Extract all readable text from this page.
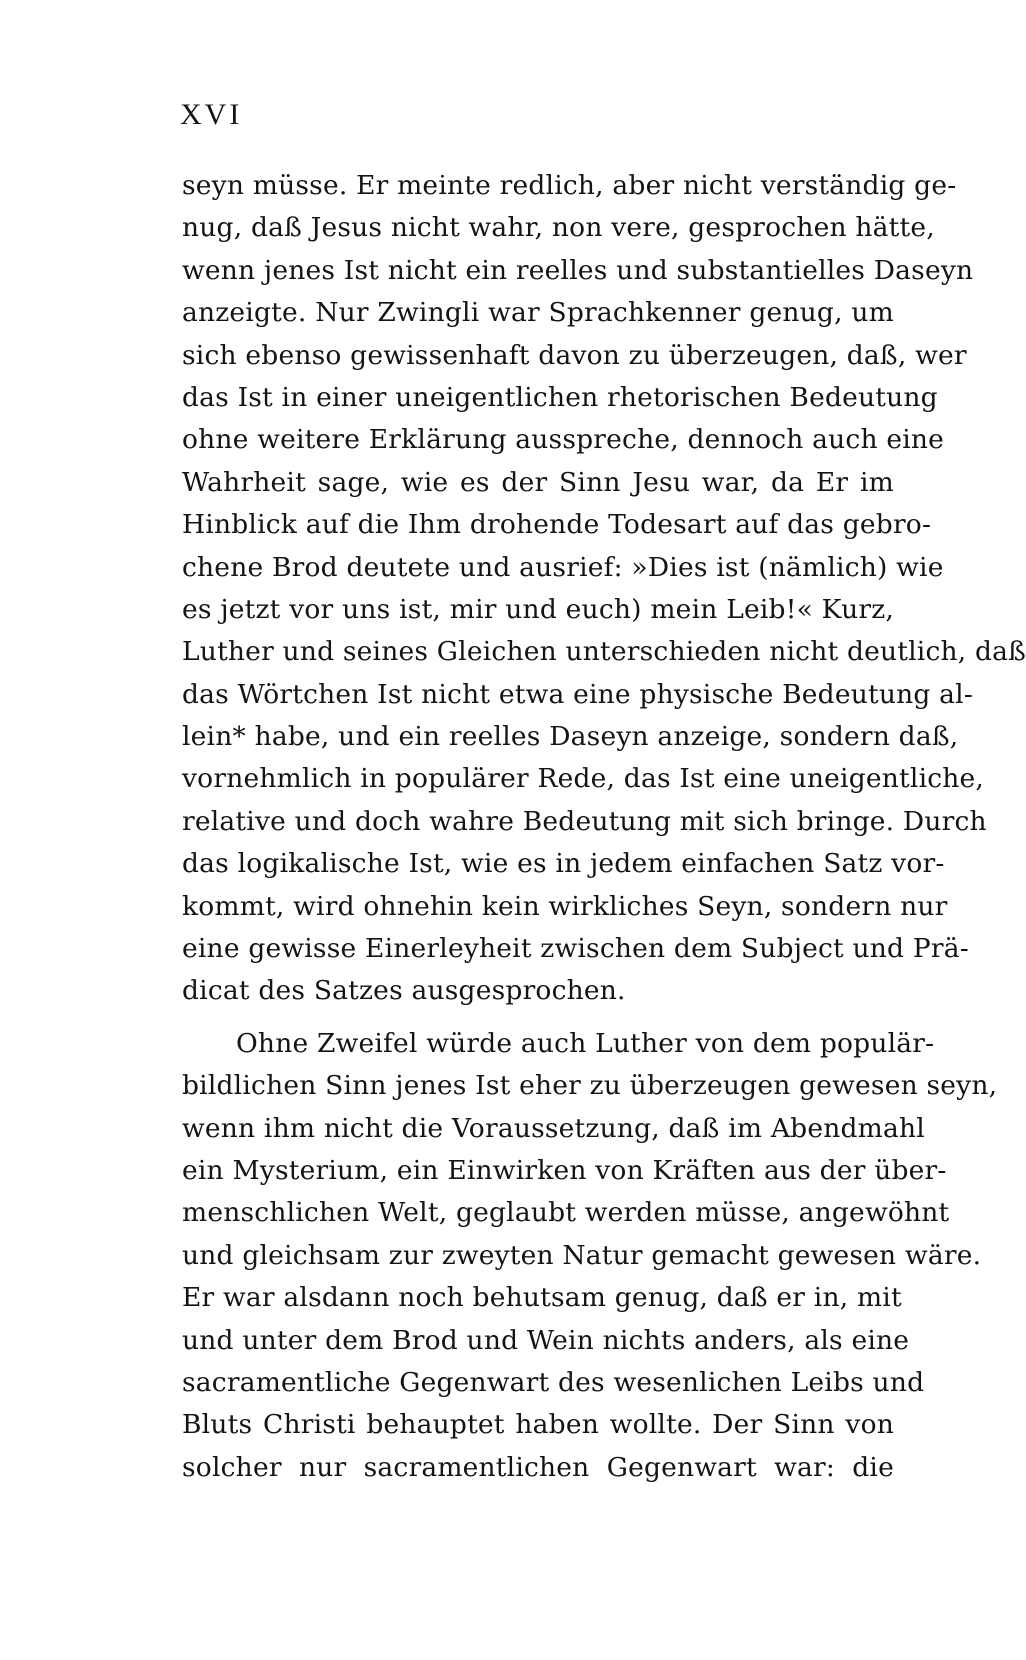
XVI
seyn müsse. Er meinte redlich, aber nicht verständig ge-
nug, daß Jesus nicht wahr, non vere, gesprochen hätte,
wenn jenes Ist nicht ein reelles und substantielles Daseyn
anzeigte. Nur Zwingli war Sprachkenner genug, um
sich ebenso gewissenhaft davon zu überzeugen, daß, wer
das Ist in einer uneigentlichen rhetorischen Bedeutung
ohne weitere Erklärung ausspreche, dennoch auch eine
Wahrheit sage, wie es der Sinn Jesu war, da Er im
Hinblick auf die Ihm drohende Todesart auf das gebro-
chene Brod deutete und ausrief: »Dies ist (nämlich) wie
es jetzt vor uns ist, mir und euch) mein Leib!« Kurz,
Luther und seines Gleichen unterschieden nicht deutlich, daß
das Wörtchen Ist nicht etwa eine physische Bedeutung al-
lein* habe, und ein reelles Daseyn anzeige, sondern daß,
vornehmlich in populärer Rede, das Ist eine uneigentliche,
relative und doch wahre Bedeutung mit sich bringe. Durch
das logikalische Ist, wie es in jedem einfachen Satz vor-
kommt, wird ohnehin kein wirkliches Seyn, sondern nur
eine gewisse Einerleyheit zwischen dem Subject und Prä-
dicat des Satzes ausgesprochen.
Ohne Zweifel würde auch Luther von dem populär-
bildlichen Sinn jenes Ist eher zu überzeugen gewesen seyn,
wenn ihm nicht die Voraussetzung, daß im Abendmahl
ein Mysterium, ein Einwirken von Kräften aus der über-
menschlichen Welt, geglaubt werden müsse, angewöhnt
und gleichsam zur zweyten Natur gemacht gewesen wäre.
Er war alsdann noch behutsam genug, daß er in, mit
und unter dem Brod und Wein nichts anders, als eine
sacramentliche Gegenwart des wesenlichen Leibs und
Bluts Christi behauptet haben wollte. Der Sinn von
solcher nur sacramentlichen Gegenwart war: die
